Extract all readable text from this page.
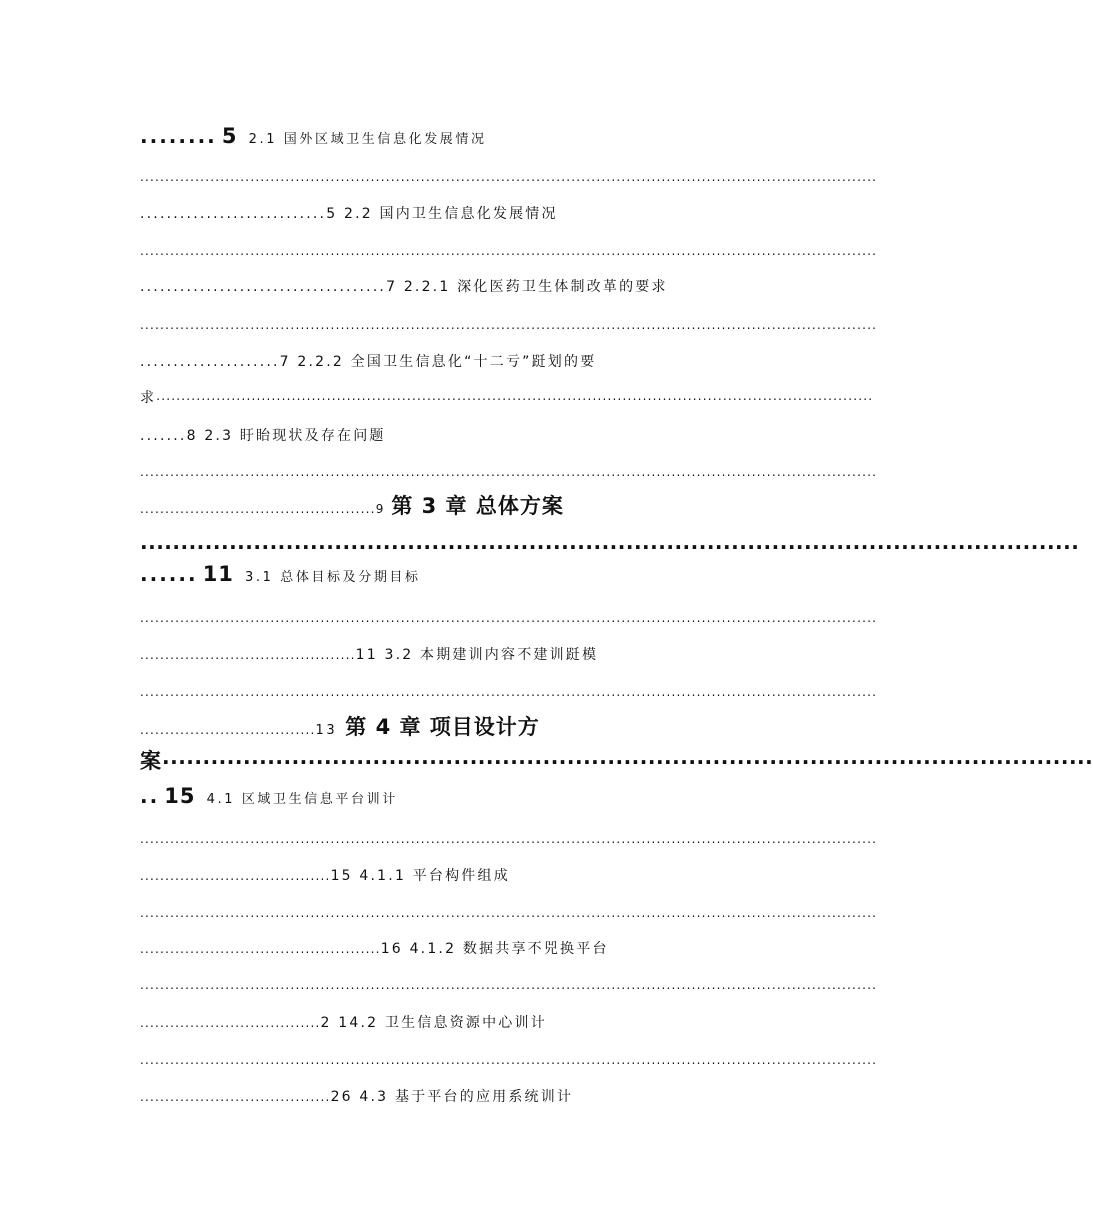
........ 5 2.1 国外区域卫生信息化发展情况
...................................................................................................................................................
............................5 2.2 国内卫生信息化发展情况
...................................................................................................................................................
.....................................7 2.2.1 深化医药卫生体制改革的要求
...................................................................................................................................................
.....................7 2.2.2 全国卫生信息化“十二亏”跹划的要
求 ...............................................................................................................................................
.......8 2.3 盱眙现状及存在问题
...................................................................................................................................................
...............................................9 第 3 章 总体方案
....................................................................................................................
...... 11 3.1 总体目标及分期目标
...................................................................................................................................................
...........................................11 3.2 本期建训内容不建训跹模
...................................................................................................................................................
...................................13 第 4 章 项目设计方
案 ...................................................................................................................
.. 15 4.1 区域卫生信息平台训计
...................................................................................................................................................
......................................15 4.1.1 平台构件组成
...................................................................................................................................................
................................................16 4.1.2 数据共享不兕换平台
...................................................................................................................................................
....................................2 14.2 卫生信息资源中心训计
...................................................................................................................................................
......................................26 4.3 基于平台的应用系统训计
